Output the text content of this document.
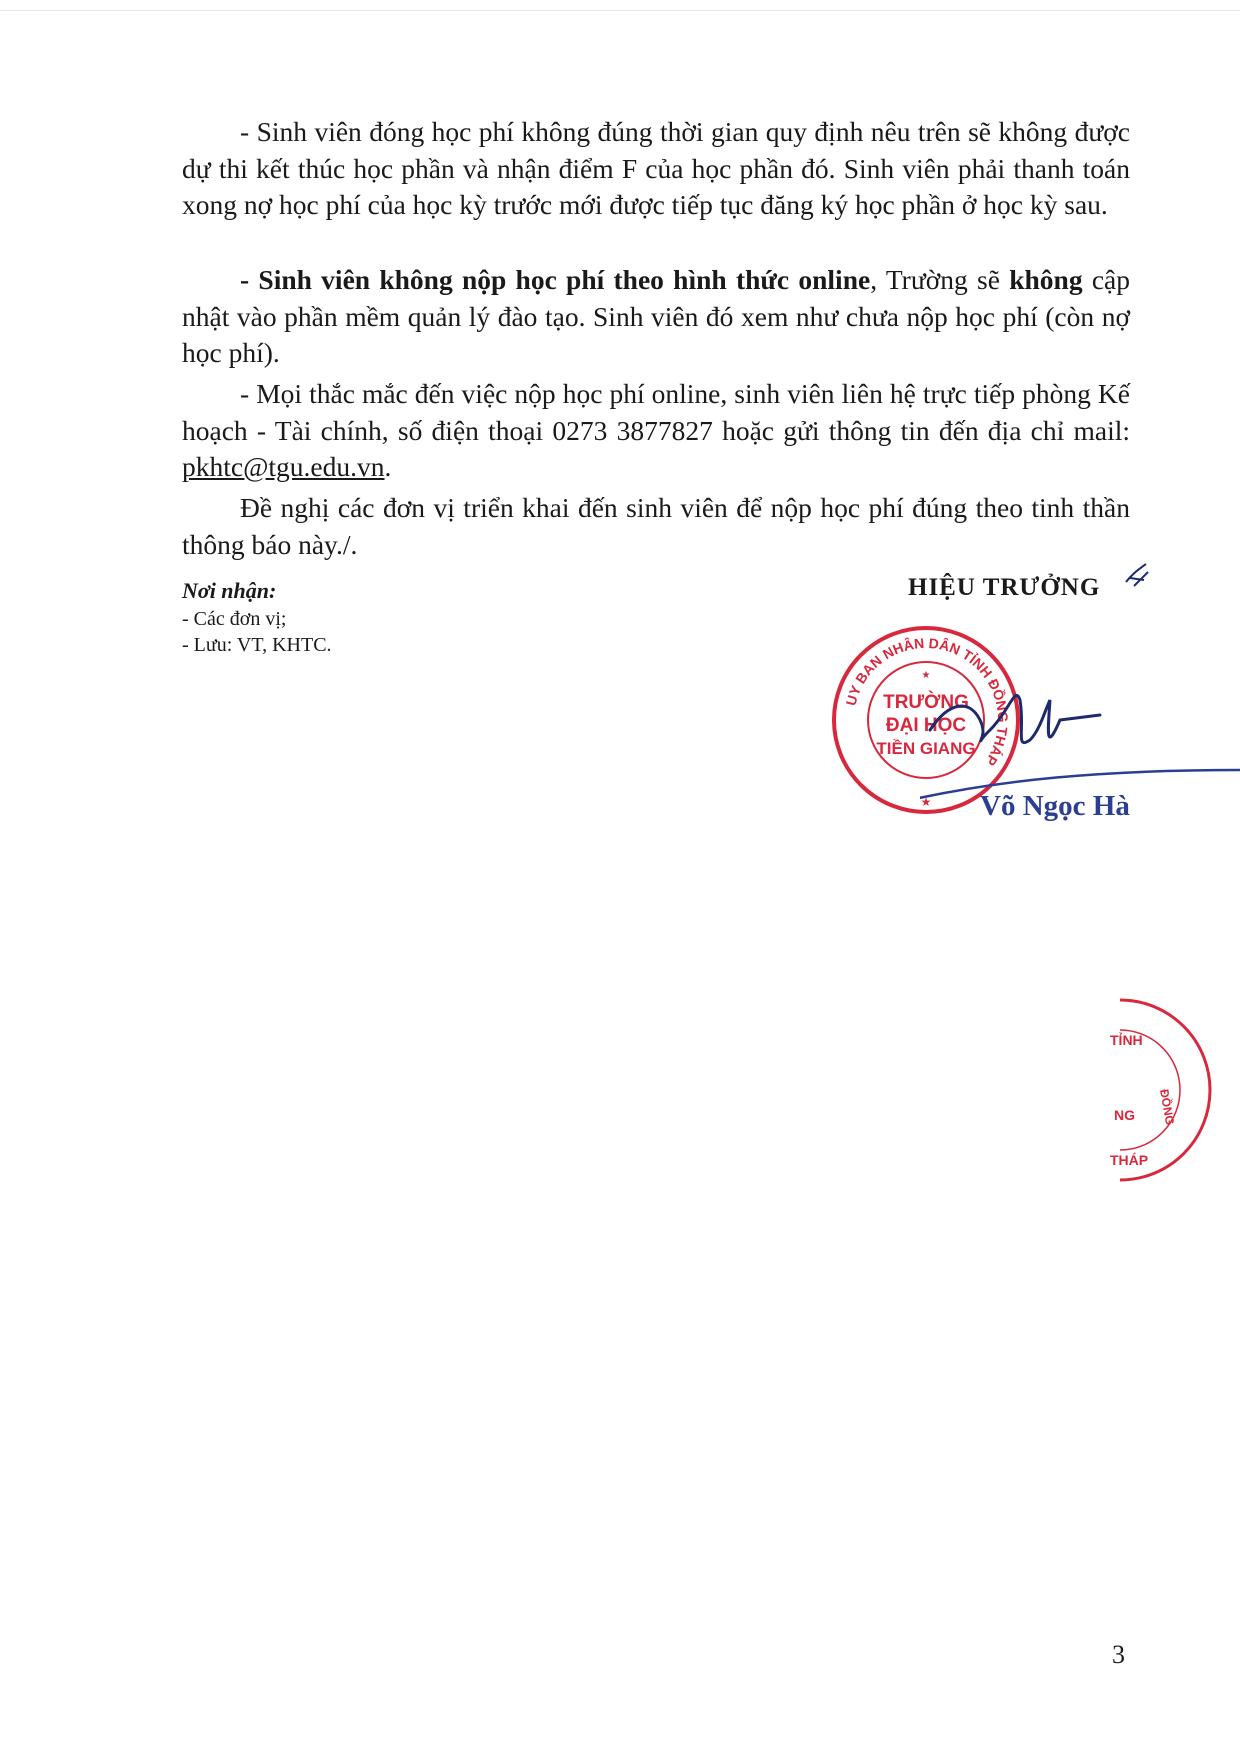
- Sinh viên đóng học phí không đúng thời gian quy định nêu trên sẽ không được dự thi kết thúc học phần và nhận điểm F của học phần đó. Sinh viên phải thanh toán xong nợ học phí của học kỳ trước mới được tiếp tục đăng ký học phần ở học kỳ sau.

- Sinh viên không nộp học phí theo hình thức online, Trường sẽ không cập nhật vào phần mềm quản lý đào tạo. Sinh viên đó xem như chưa nộp học phí (còn nợ học phí).

- Mọi thắc mắc đến việc nộp học phí online, sinh viên liên hệ trực tiếp phòng Kế hoạch - Tài chính, số điện thoại 0273 3877827 hoặc gửi thông tin đến địa chỉ mail: pkhtc@tgu.edu.vn.

Đề nghị các đơn vị triển khai đến sinh viên để nộp học phí đúng theo tinh thần thông báo này./.

Nơi nhận:
- Các đơn vị;
- Lưu: VT, KHTC.
HIỆU TRƯỞNG
UY BAN NHÂN DÂN TỈNH ĐỒNG THÁP
★
TRƯỜNG
ĐẠI HỌC
TIỀN GIANG
★ Võ Ngọc Hà
TỈNH
ĐỒNG
NG
THÁP
3
